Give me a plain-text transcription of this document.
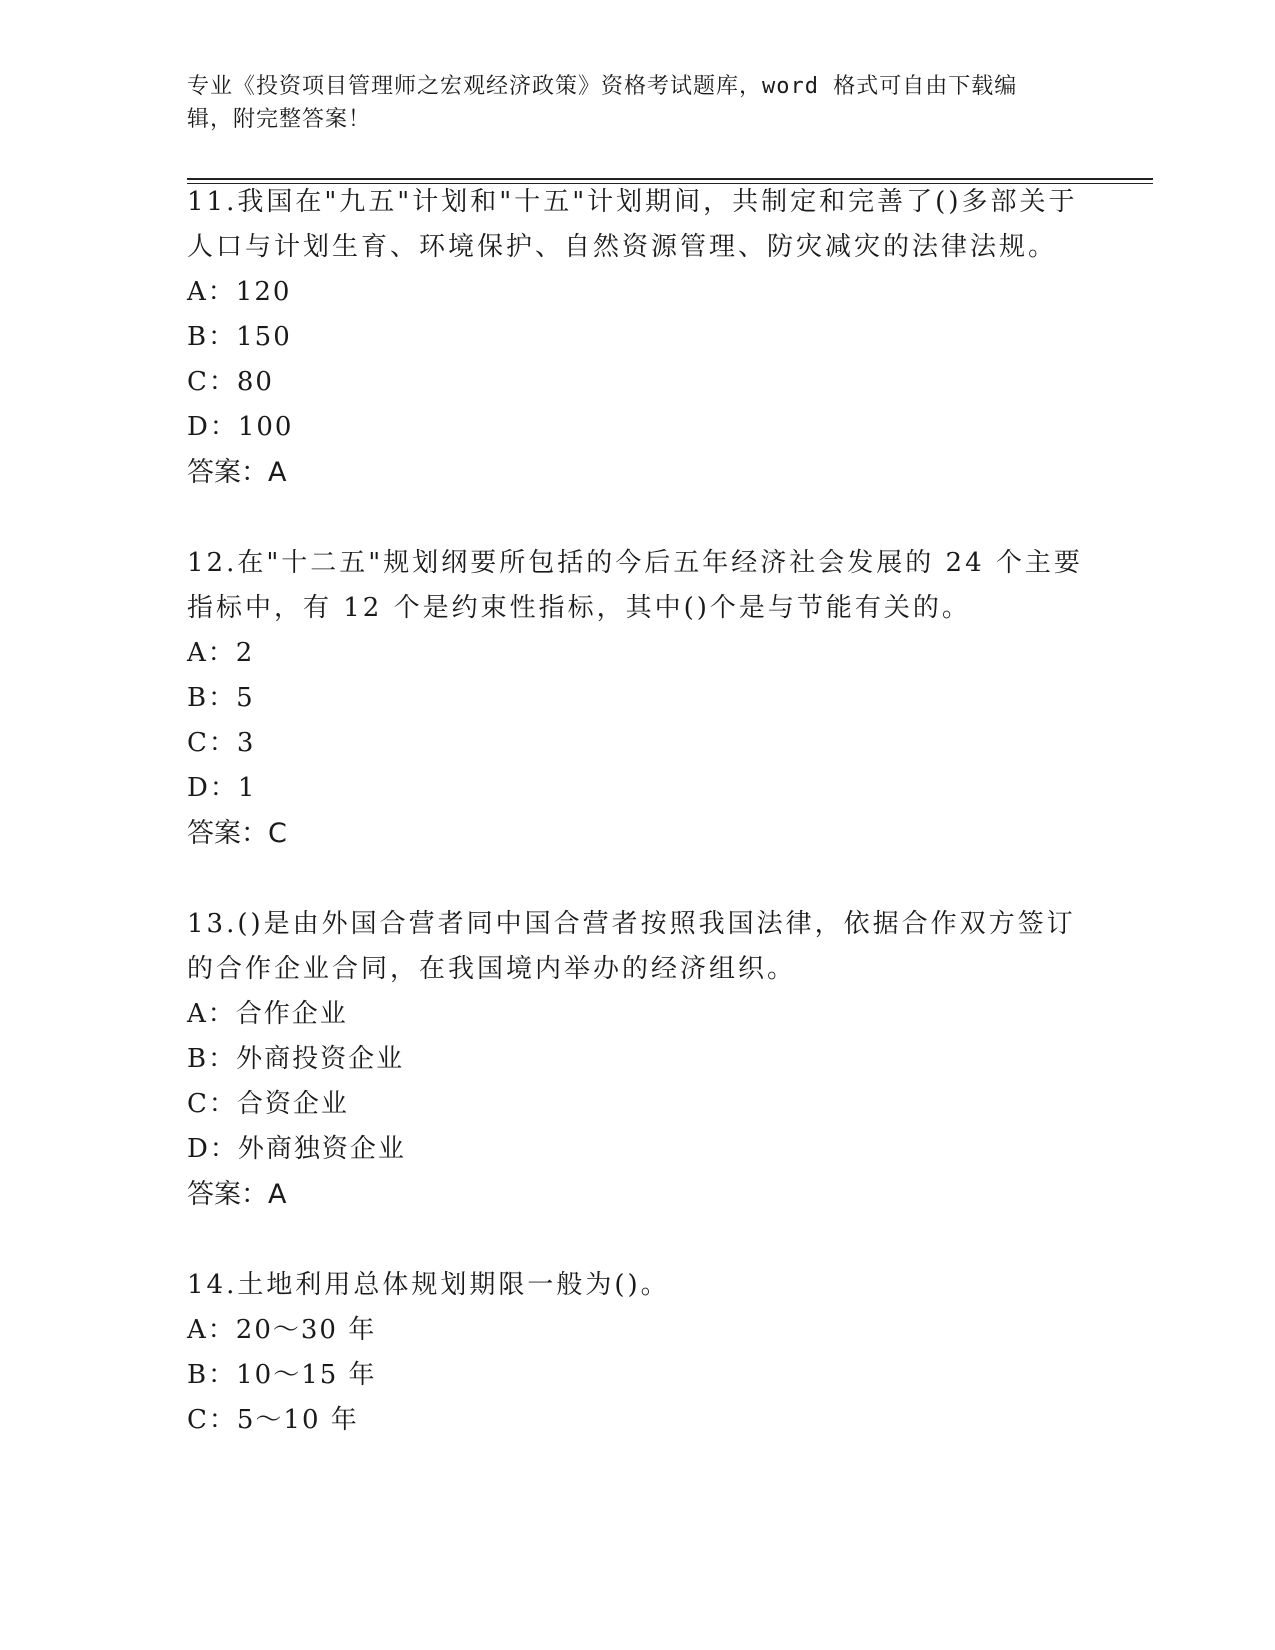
专业《投资项目管理师之宏观经济政策》资格考试题库，word 格式可自由下载编
辑，附完整答案！

11.我国在"九五"计划和"十五"计划期间，共制定和完善了()多部关于

人口与计划生育、环境保护、自然资源管理、防灾减灾的法律法规。

A：120

B：150

C：80

D：100

答案：A

12.在"十二五"规划纲要所包括的今后五年经济社会发展的 24 个主要

指标中，有 12 个是约束性指标，其中()个是与节能有关的。

A：2

B：5

C：3

D：1

答案：C

13.()是由外国合营者同中国合营者按照我国法律，依据合作双方签订

的合作企业合同，在我国境内举办的经济组织。

A：合作企业

B：外商投资企业

C：合资企业

D：外商独资企业

答案：A

14.土地利用总体规划期限一般为()。

A：20～30 年

B：10～15 年

C：5～10 年
